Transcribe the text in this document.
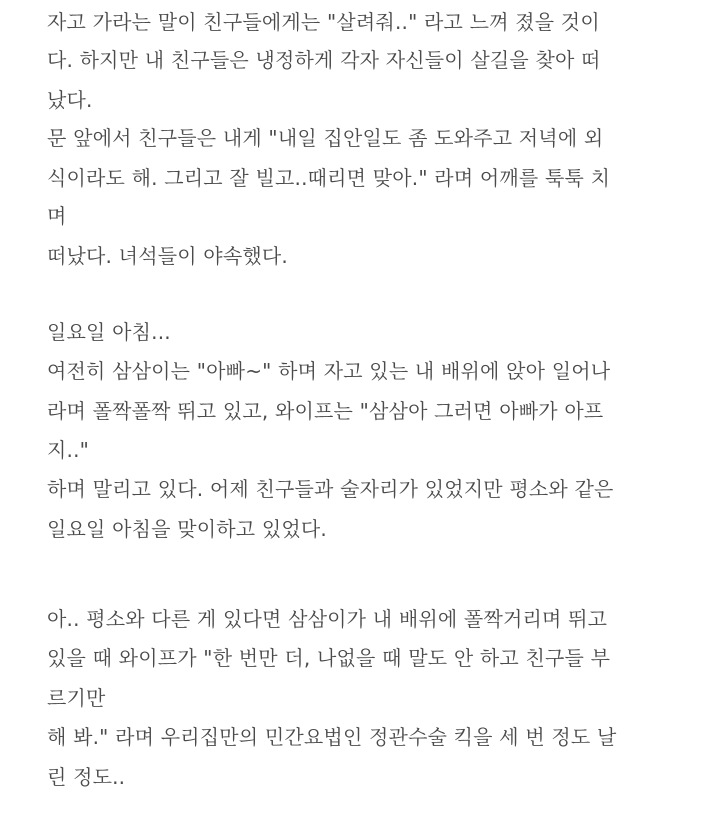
자고 가라는 말이 친구들에게는 "살려줘.." 라고 느껴 졌을 것이
다. 하지만 내 친구들은 냉정하게 각자 자신들이 살길을 찾아 떠
났다.
문 앞에서 친구들은 내게 "내일 집안일도 좀 도와주고 저녁에 외
식이라도 해. 그리고 잘 빌고..때리면 맞아." 라며 어깨를 툭툭 치
며
떠났다. 녀석들이 야속했다.
일요일 아침...
여전히 삼삼이는 "아빠~" 하며 자고 있는 내 배위에 앉아 일어나
라며 폴짝폴짝 뛰고 있고, 와이프는 "삼삼아 그러면 아빠가 아프
지.."
하며 말리고 있다. 어제 친구들과 술자리가 있었지만 평소와 같은
일요일 아침을 맞이하고 있었다.
아.. 평소와 다른 게 있다면 삼삼이가 내 배위에 폴짝거리며 뛰고
있을 때 와이프가 "한 번만 더, 나없을 때 말도 안 하고 친구들 부
르기만
해 봐." 라며 우리집만의 민간요법인 정관수술 킥을 세 번 정도 날
린 정도..
